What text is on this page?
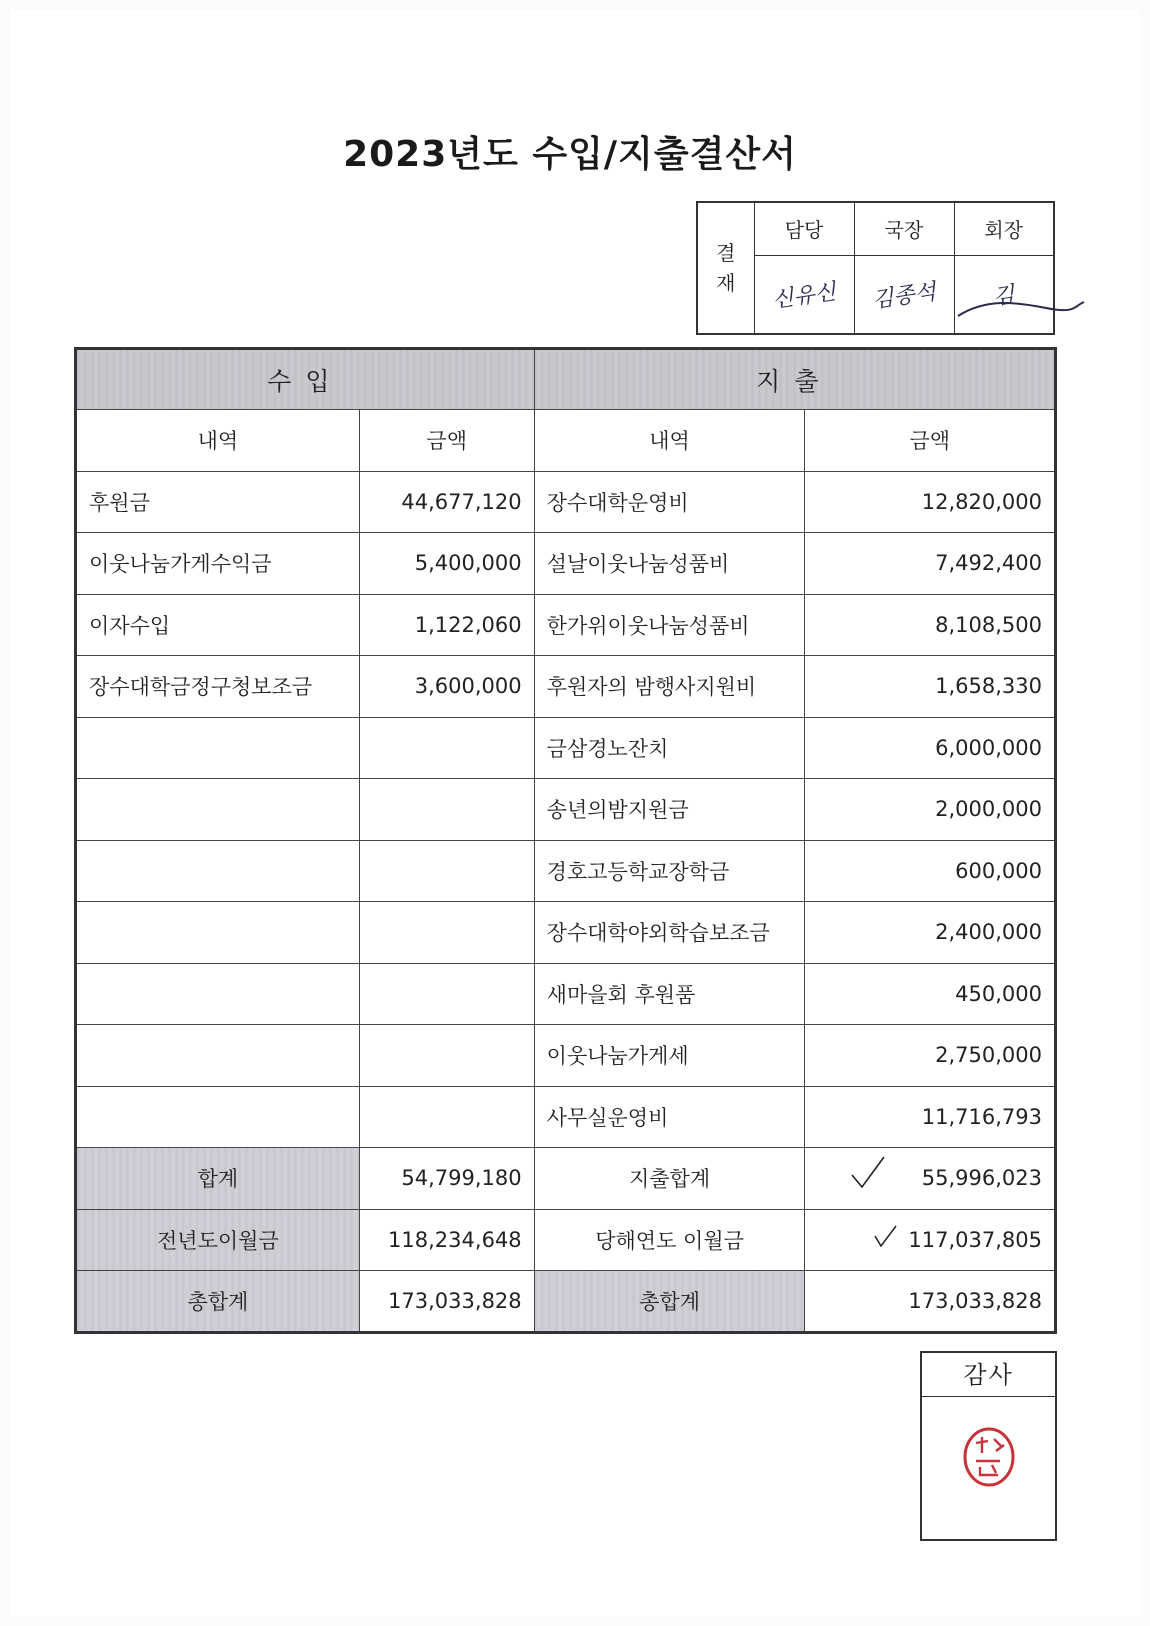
2023년도 수입/지출결산서
결
재	담당	국장	회장
	신유신	김종석	김
수입		지출	
내역	금액	내역	금액
후원금	44,677,120	장수대학운영비	12,820,000
이웃나눔가게수익금	5,400,000	설날이웃나눔성품비	7,492,400
이자수입	1,122,060	한가위이웃나눔성품비	8,108,500
장수대학금정구청보조금	3,600,000	후원자의 밤행사지원비	1,658,330
		금삼경노잔치	6,000,000
		송년의밤지원금	2,000,000
		경호고등학교장학금	600,000
		장수대학야외학습보조금	2,400,000
		새마을회 후원품	450,000
		이웃나눔가게세	2,750,000
		사무실운영비	11,716,793
합계	54,799,180	지출합계	55,996,023
전년도이월금	118,234,648	당해연도 이월금	117,037,805
총합계	173,033,828	총합계	173,033,828
감사
